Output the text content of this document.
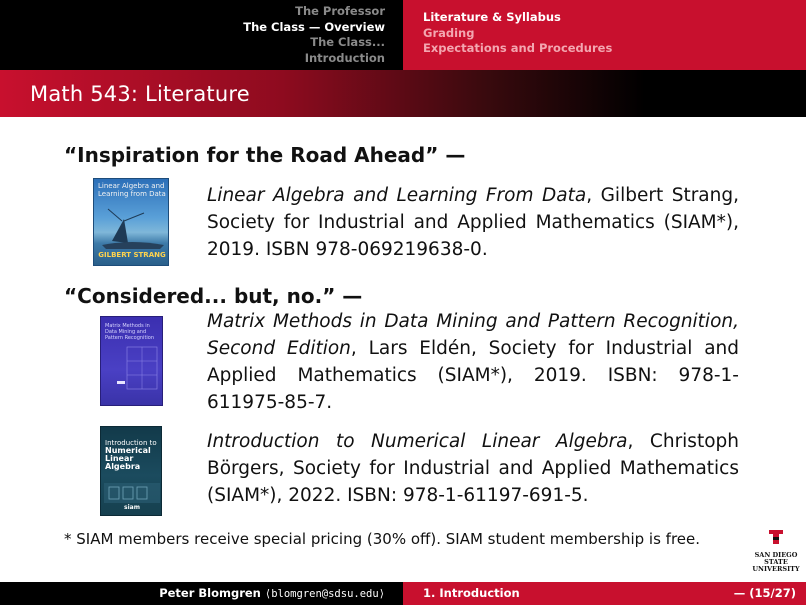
The Professor
The Class — Overview
The Class...
Introduction
Literature & Syllabus
Grading
Expectations and Procedures
Math 543: Literature
“Inspiration for the Road Ahead” —
Linear Algebra and Learning from Data
GILBERT STRANG
Linear Algebra and Learning From Data, Gilbert Strang, Society for Industrial and Applied Mathematics (SIAM*), 2019. ISBN 978-069219638-0.
“Considered... but, no.” —
Matrix Methods in Data Mining and Pattern Recognition
Matrix Methods in Data Mining and Pattern Recognition, Second Edition, Lars Eldén, Society for Industrial and Applied Mathematics (SIAM*), 2019. ISBN: 978-1-611975-85-7.
Introduction to
Numerical
Linear
Algebra
siam
Introduction to Numerical Linear Algebra, Christoph Börgers, Society for Industrial and Applied Mathematics (SIAM*), 2022. ISBN: 978-1-61197-691-5.
* SIAM members receive special pricing (30% off). SIAM student membership is free.
SAN DIEGO STATE
UNIVERSITY
Peter Blomgren ⟨blomgren@sdsu.edu⟩	1. Introduction	— (15/27)
